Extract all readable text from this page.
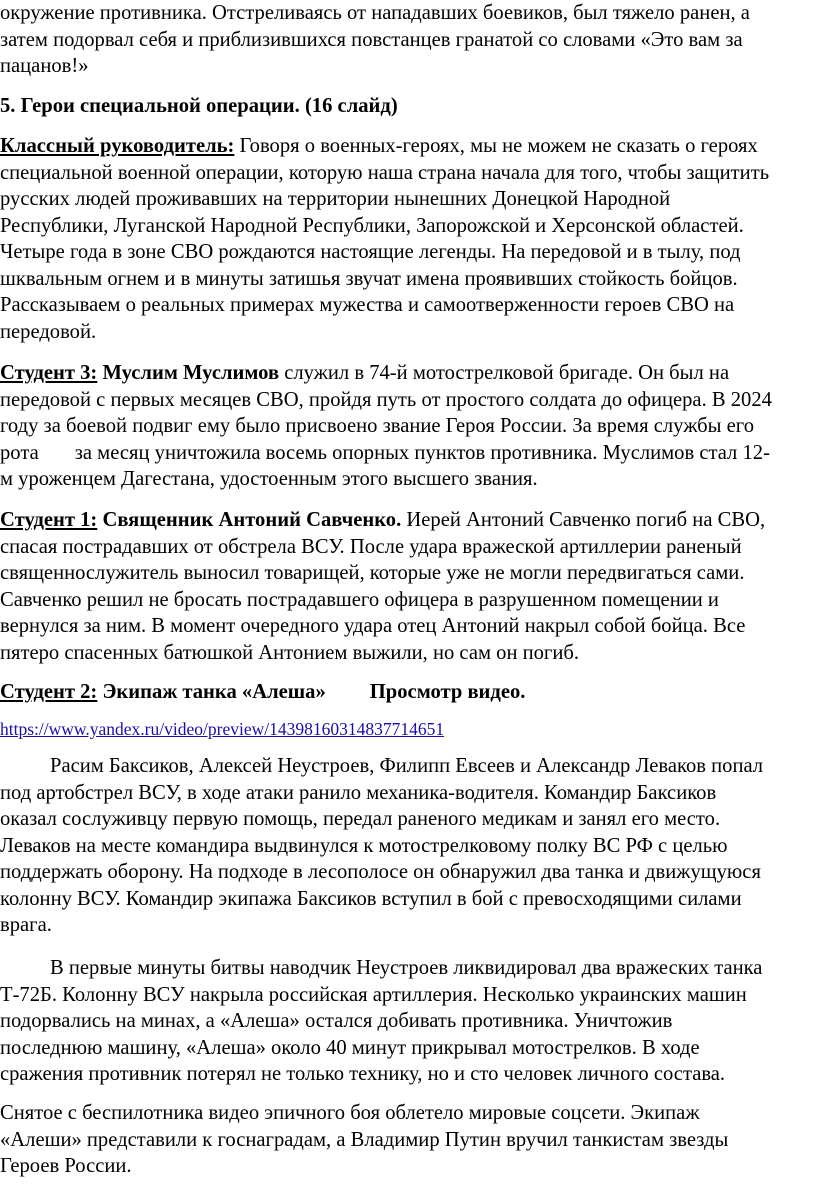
окружение противника. Отстреливаясь от нападавших боевиков, был тяжело ранен, а

затем подорвал себя и приблизившихся повстанцев гранатой со словами «Это вам за

пацанов!»

5. Герои специальной операции. (16 слайд)

Классный руководитель: Говоря о военных-героях, мы не можем не сказать о героях

специальной военной операции, которую наша страна начала для того, чтобы защитить

русских людей проживавших на территории нынешних Донецкой Народной

Республики, Луганской Народной Республики, Запорожской и Херсонской областей.

Четыре года в зоне СВО рождаются настоящие легенды. На передовой и в тылу, под

шквальным огнем и в минуты затишья звучат имена проявивших стойкость бойцов.

Рассказываем о реальных примерах мужества и самоотверженности героев СВО на

передовой.

Студент 3: Муслим Муслимов служил в 74-й мотострелковой бригаде. Он был на

передовой с первых месяцев СВО, пройдя путь от простого солдата до офицера. В 2024

году за боевой подвиг ему было присвоено звание Героя России. За время службы его

рота       за месяц уничтожила восемь опорных пунктов противника. Муслимов стал 12-

м уроженцем Дагестана, удостоенным этого высшего звания.

Студент 1: Священник Антоний Савченко. Иерей Антоний Савченко погиб на СВО,

спасая пострадавших от обстрела ВСУ. После удара вражеской артиллерии раненый

священнослужитель выносил товарищей, которые уже не могли передвигаться сами.

Савченко решил не бросать пострадавшего офицера в разрушенном помещении и

вернулся за ним. В момент очередного удара отец Антоний накрыл собой бойца. Все

пятеро спасенных батюшкой Антонием выжили, но сам он погиб.

Студент 2: Экипаж танка «Алеша» Просмотр видео.

https://www.yandex.ru/video/preview/14398160314837714651

Расим Баксиков, Алексей Неустроев, Филипп Евсеев и Александр Леваков попал

под артобстрел ВСУ, в ходе атаки ранило механика-водителя. Командир Баксиков

оказал сослуживцу первую помощь, передал раненого медикам и занял его место.

Леваков на месте командира выдвинулся к мотострелковому полку ВС РФ с целью

поддержать оборону. На подходе в лесополосе он обнаружил два танка и движущуюся

колонну ВСУ. Командир экипажа Баксиков вступил в бой с превосходящими силами

врага.

В первые минуты битвы наводчик Неустроев ликвидировал два вражеских танка

Т-72Б. Колонну ВСУ накрыла российская артиллерия. Несколько украинских машин

подорвались на минах, а «Алеша» остался добивать противника. Уничтожив

последнюю машину, «Алеша» около 40 минут прикрывал мотострелков. В ходе

сражения противник потерял не только технику, но и сто человек личного состава.

Снятое с беспилотника видео эпичного боя облетело мировые соцсети. Экипаж

«Алеши» представили к госнаградам, а Владимир Путин вручил танкистам звезды

Героев России.
